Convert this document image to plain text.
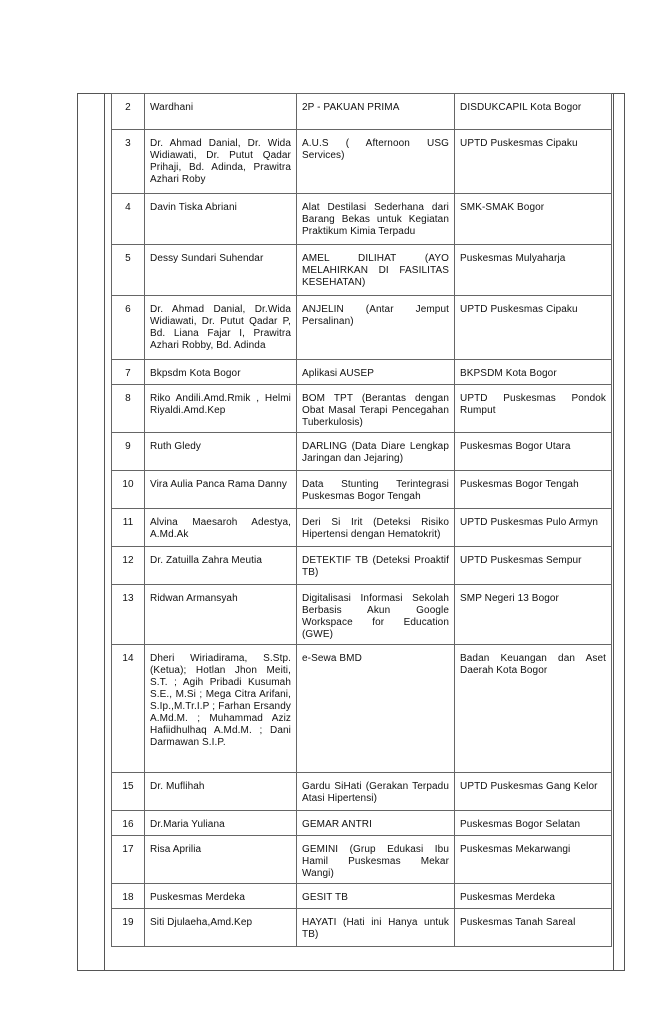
2	Wardhani	2P - PAKUAN PRIMA	DISDUKCAPIL Kota Bogor
3	Dr. Ahmad Danial, Dr. Wida Widiawati, Dr. Putut Qadar Prihaji, Bd. Adinda, Prawitra Azhari Roby	A.U.S ( Afternoon USG Services)	UPTD Puskesmas Cipaku
4	Davin Tiska Abriani	Alat Destilasi Sederhana dari Barang Bekas untuk Kegiatan Praktikum Kimia Terpadu	SMK-SMAK Bogor
5	Dessy Sundari Suhendar	AMEL DILIHAT (AYO MELAHIRKAN DI FASILITAS KESEHATAN)	Puskesmas Mulyaharja
6	Dr. Ahmad Danial, Dr.Wida Widiawati, Dr. Putut Qadar P, Bd. Liana Fajar I, Prawitra Azhari Robby, Bd. Adinda	ANJELIN (Antar Jemput Persalinan)	UPTD Puskesmas Cipaku
7	Bkpsdm Kota Bogor	Aplikasi AUSEP	BKPSDM Kota Bogor
8	Riko Andili.Amd.Rmik , Helmi Riyaldi.Amd.Kep	BOM TPT (Berantas dengan Obat Masal Terapi Pencegahan Tuberkulosis)	UPTD Puskesmas Pondok Rumput
9	Ruth Gledy	DARLING (Data Diare Lengkap Jaringan dan Jejaring)	Puskesmas Bogor Utara
10	Vira Aulia Panca Rama Danny	Data Stunting Terintegrasi Puskesmas Bogor Tengah	Puskesmas Bogor Tengah
11	Alvina Maesaroh Adestya, A.Md.Ak	Deri Si Irit (Deteksi Risiko Hipertensi dengan Hematokrit)	UPTD Puskesmas Pulo Armyn
12	Dr. Zatuilla Zahra Meutia	DETEKTIF TB (Deteksi Proaktif TB)	UPTD Puskesmas Sempur
13	Ridwan Armansyah	Digitalisasi Informasi Sekolah Berbasis Akun Google Workspace for Education (GWE)	SMP Negeri 13 Bogor
14	Dheri Wiriadirama, S.Stp. (Ketua); Hotlan Jhon Meiti, S.T. ; Agih Pribadi Kusumah S.E., M.Si ; Mega Citra Arifani, S.Ip.,M.Tr.I.P ; Farhan Ersandy A.Md.M. ; Muhammad Aziz Hafiidhulhaq A.Md.M. ; Dani Darmawan S.I.P.	e-Sewa BMD	Badan Keuangan dan Aset Daerah Kota Bogor
15	Dr. Muflihah	Gardu SiHati (Gerakan Terpadu Atasi Hipertensi)	UPTD Puskesmas Gang Kelor
16	Dr.Maria Yuliana	GEMAR ANTRI	Puskesmas Bogor Selatan
17	Risa Aprilia	GEMINI (Grup Edukasi Ibu Hamil Puskesmas Mekar Wangi)	Puskesmas Mekarwangi
18	Puskesmas Merdeka	GESIT TB	Puskesmas Merdeka
19	Siti Djulaeha,Amd.Kep	HAYATI (Hati ini Hanya untuk TB)	Puskesmas Tanah Sareal
